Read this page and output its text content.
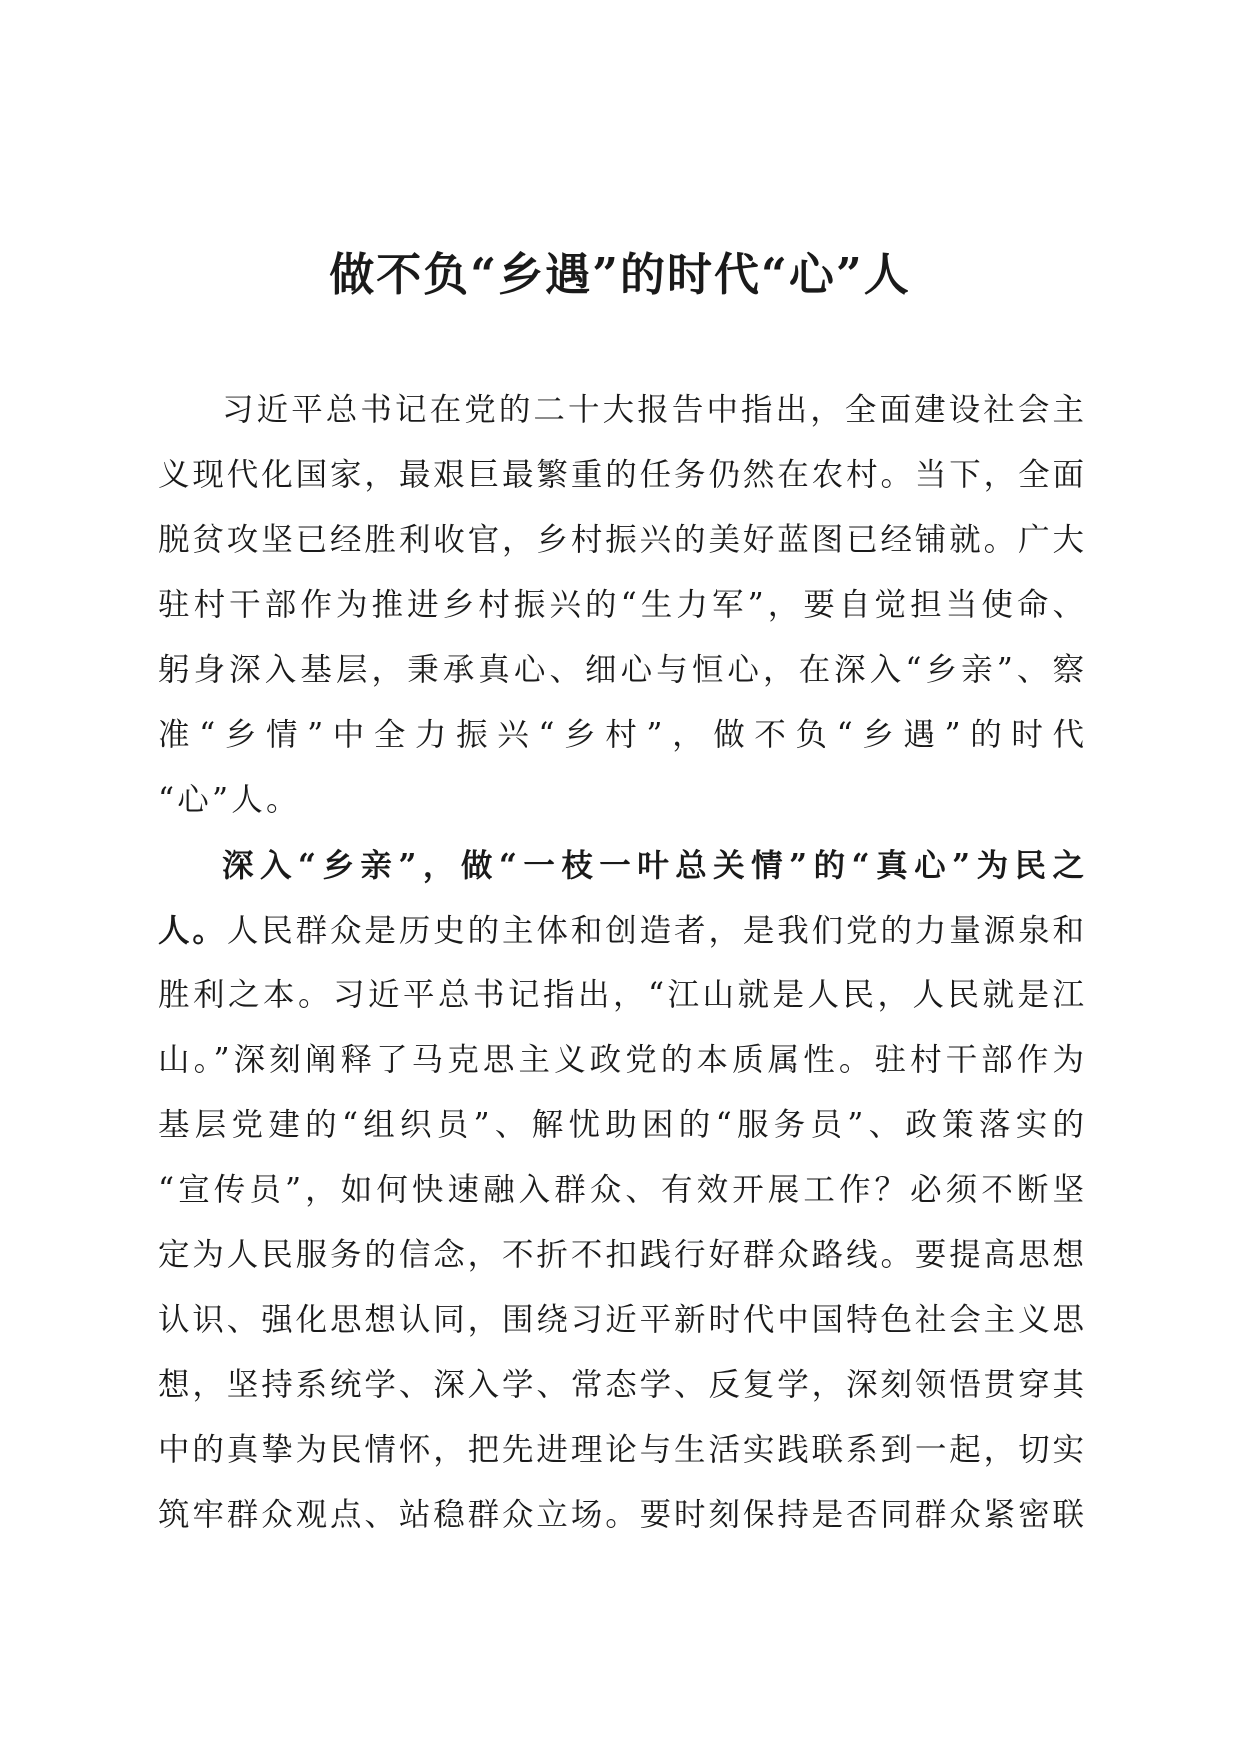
做不负“乡遇”的时代“心”人
习近平总书记在党的二十大报告中指出，全面建设社会主
义现代化国家，最艰巨最繁重的任务仍然在农村。当下，全面
脱贫攻坚已经胜利收官，乡村振兴的美好蓝图已经铺就。广大
驻村干部作为推进乡村振兴的“生力军”，要自觉担当使命、
躬身深入基层，秉承真心、细心与恒心，在深入“乡亲”、察
准“乡情”中全力振兴“乡村”，做不负“乡遇”的时代
“心”人。
深入“乡亲”，做“一枝一叶总关情”的“真心”为民之
人。人民群众是历史的主体和创造者，是我们党的力量源泉和
胜利之本。习近平总书记指出，“江山就是人民，人民就是江
山。”深刻阐释了马克思主义政党的本质属性。驻村干部作为
基层党建的“组织员”、解忧助困的“服务员”、政策落实的
“宣传员”，如何快速融入群众、有效开展工作？必须不断坚
定为人民服务的信念，不折不扣践行好群众路线。要提高思想
认识、强化思想认同，围绕习近平新时代中国特色社会主义思
想，坚持系统学、深入学、常态学、反复学，深刻领悟贯穿其
中的真挚为民情怀，把先进理论与生活实践联系到一起，切实
筑牢群众观点、站稳群众立场。要时刻保持是否同群众紧密联
